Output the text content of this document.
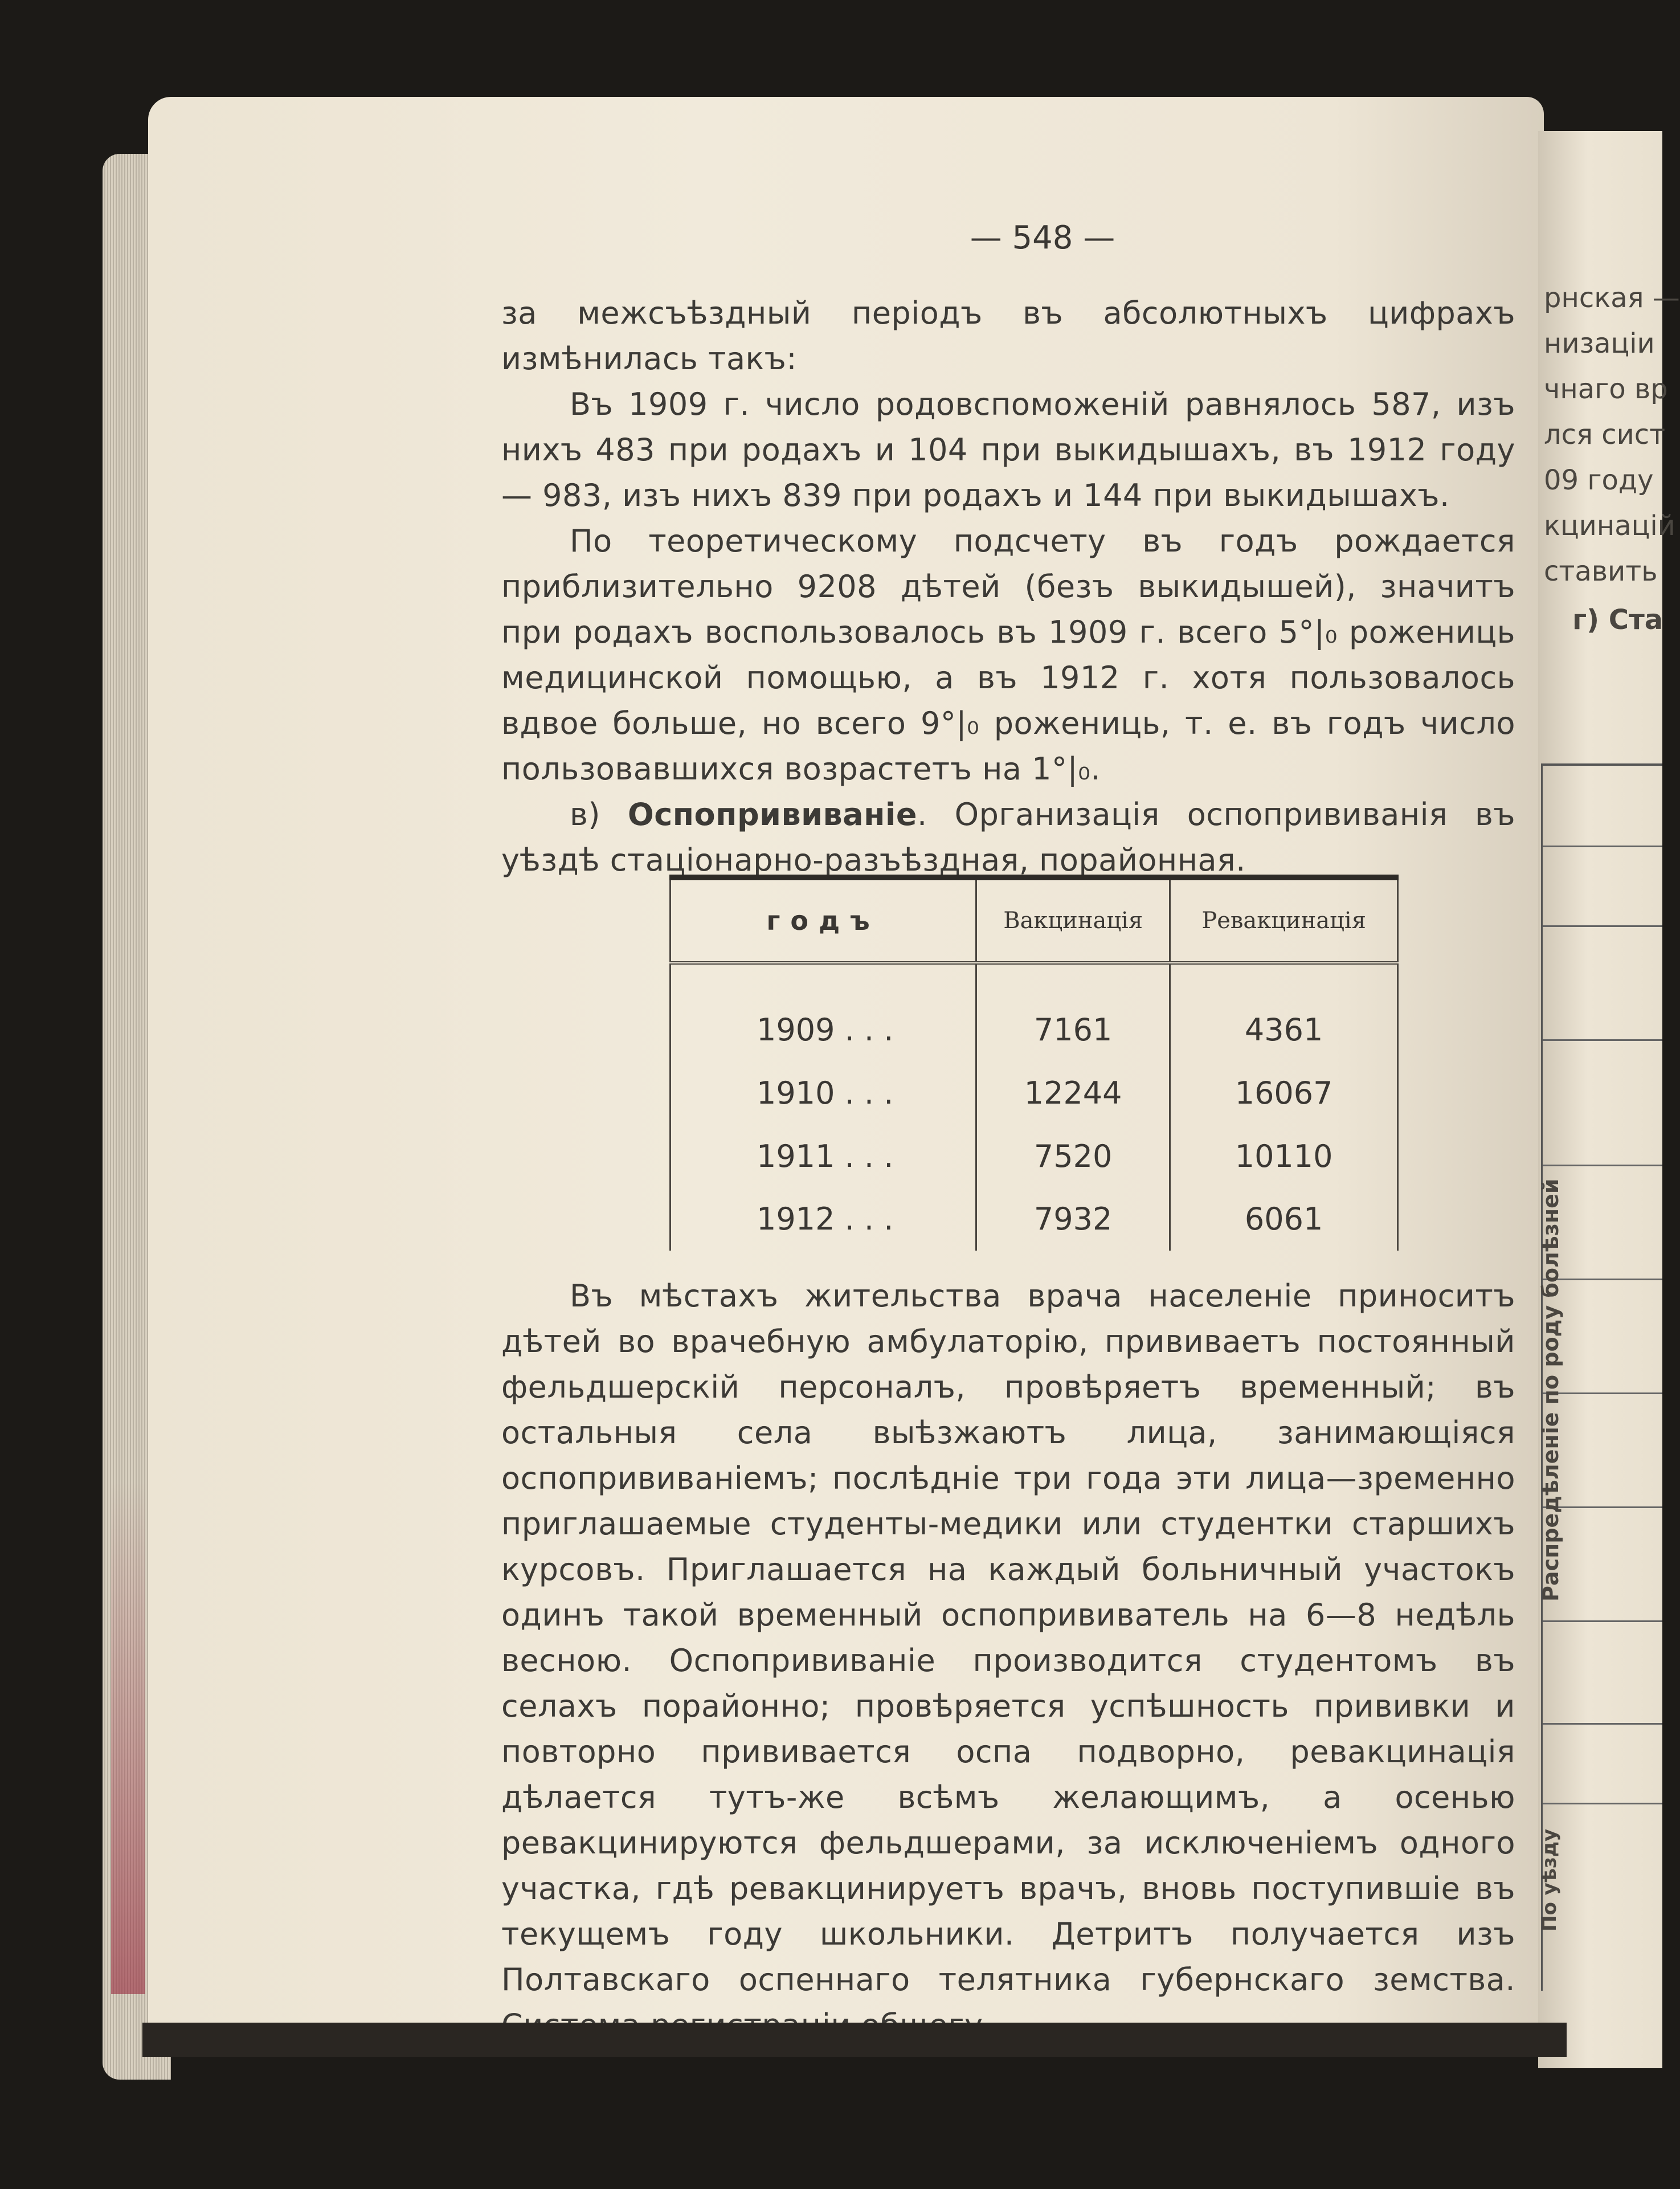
— 548 —

за межсъѣздный періодъ въ абсолютныхъ цифрахъ измѣнилась такъ:

Въ 1909 г. число родовспоможеній равнялось 587, изъ нихъ 483 при родахъ и 104 при выкидышахъ, въ 1912 году— 983, изъ нихъ 839 при родахъ и 144 при выкидышахъ.

По теоретическому подсчету въ годъ рождается приблизительно 9208 дѣтей (безъ выкидышей), значитъ при родахъ воспользовалось въ 1909 г. всего 5°|₀ рожениць медицинской помощью, а въ 1912 г. хотя пользовалось вдвое больше, но всего 9°|₀ рожениць, т. е. въ годъ число пользовавшихся возрастетъ на 1°|₀.

в) Оспопрививаніе. Организація оспопрививанія въ уѣздѣ стаціонарно-разъѣздная, порайонная.

годъ	Вакцинація	Ревакцинація
1909 . . .	7161	4361
1910 . . .	12244	16067
1911 . . .	7520	10110
1912 . . .	7932	6061

Въ мѣстахъ жительства врача населеніе приноситъ дѣтей во врачебную амбулаторію, прививаетъ постоянный фельдшерскій персоналъ, провѣряетъ временный; въ остальныя села выѣзжаютъ лица, занимающіяся оспопрививаніемъ; послѣдніе три года эти лица—зременно приглашаемые студенты-медики или студентки старшихъ курсовъ. Приглашается на каждый больничный участокъ одинъ такой временный оспопрививатель на 6—8 недѣль весною. Оспопрививаніе производится студентомъ въ селахъ порайонно; провѣряется успѣшность прививки и повторно прививается оспа подворно, ревакцинація дѣлается тутъ-же всѣмъ желающимъ, а осенью ревакцинируются фельдшерами, за исключеніемъ одного участка, гдѣ ревакцинируетъ врачъ, вновь поступившіе въ текущемъ году школьники. Детритъ получается изъ Полтавскаго оспеннаго телятника губернскаго земства.

рнская —
низаціи
чнаго вр
лся сист
09 году
кцинацій
ставить
г) Ста
Распредѣленіе по роду болѣзней
По уѣзду
